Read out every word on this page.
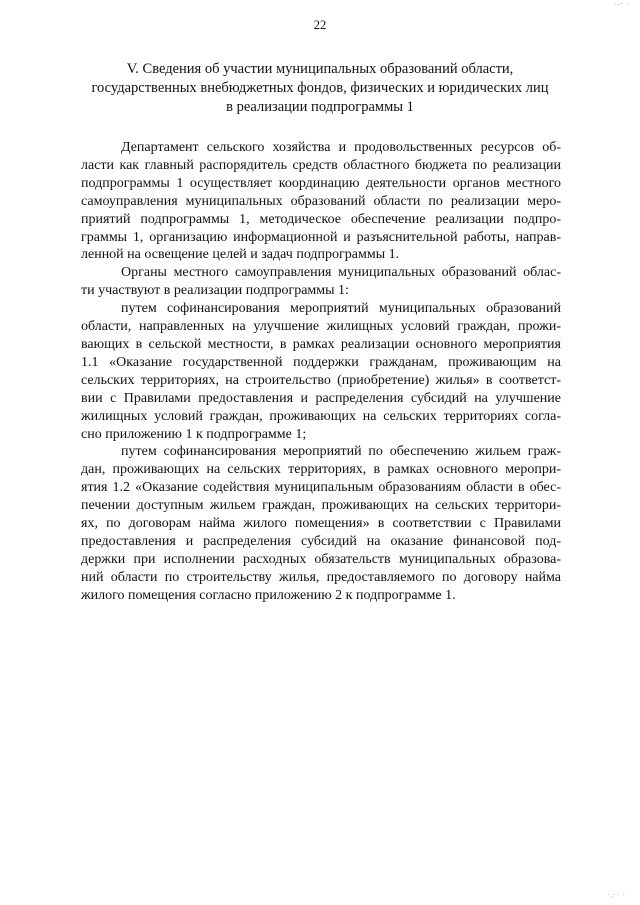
·-· ·
22
V. Сведения об участии муниципальных образований области,
государственных внебюджетных фондов, физических и юридических лиц
в реализации подпрограммы 1
Департамент сельского хозяйства и продовольственных ресурсов об-
ласти как главный распорядитель средств областного бюджета по реализации
подпрограммы 1 осуществляет координацию деятельности органов местного
самоуправления муниципальных образований области по реализации меро-
приятий подпрограммы 1, методическое обеспечение реализации подпро-
граммы 1, организацию информационной и разъяснительной работы, направ-
ленной на освещение целей и задач подпрограммы 1.
Органы местного самоуправления муниципальных образований облас-
ти участвуют в реализации подпрограммы 1:
путем софинансирования мероприятий муниципальных образований
области, направленных на улучшение жилищных условий граждан, прожи-
вающих в сельской местности, в рамках реализации основного мероприятия
1.1 «Оказание государственной поддержки гражданам, проживающим на
сельских территориях, на строительство (приобретение) жилья» в соответст-
вии с Правилами предоставления и распределения субсидий на улучшение
жилищных условий граждан, проживающих на сельских территориях согла-
сно приложению 1 к подпрограмме 1;
путем софинансирования мероприятий по обеспечению жильем граж-
дан, проживающих на сельских территориях, в рамках основного меропри-
ятия 1.2 «Оказание содействия муниципальным образованиям области в обес-
печении доступным жильем граждан, проживающих на сельских территори-
ях, по договорам найма жилого помещения» в соответствии с Правилами
предоставления и распределения субсидий на оказание финансовой под-
держки при исполнении расходных обязательств муниципальных образова-
ний области по строительству жилья, предоставляемого по договору найма
жилого помещения согласно приложению 2 к подпрограмме 1.
·.·· ·
